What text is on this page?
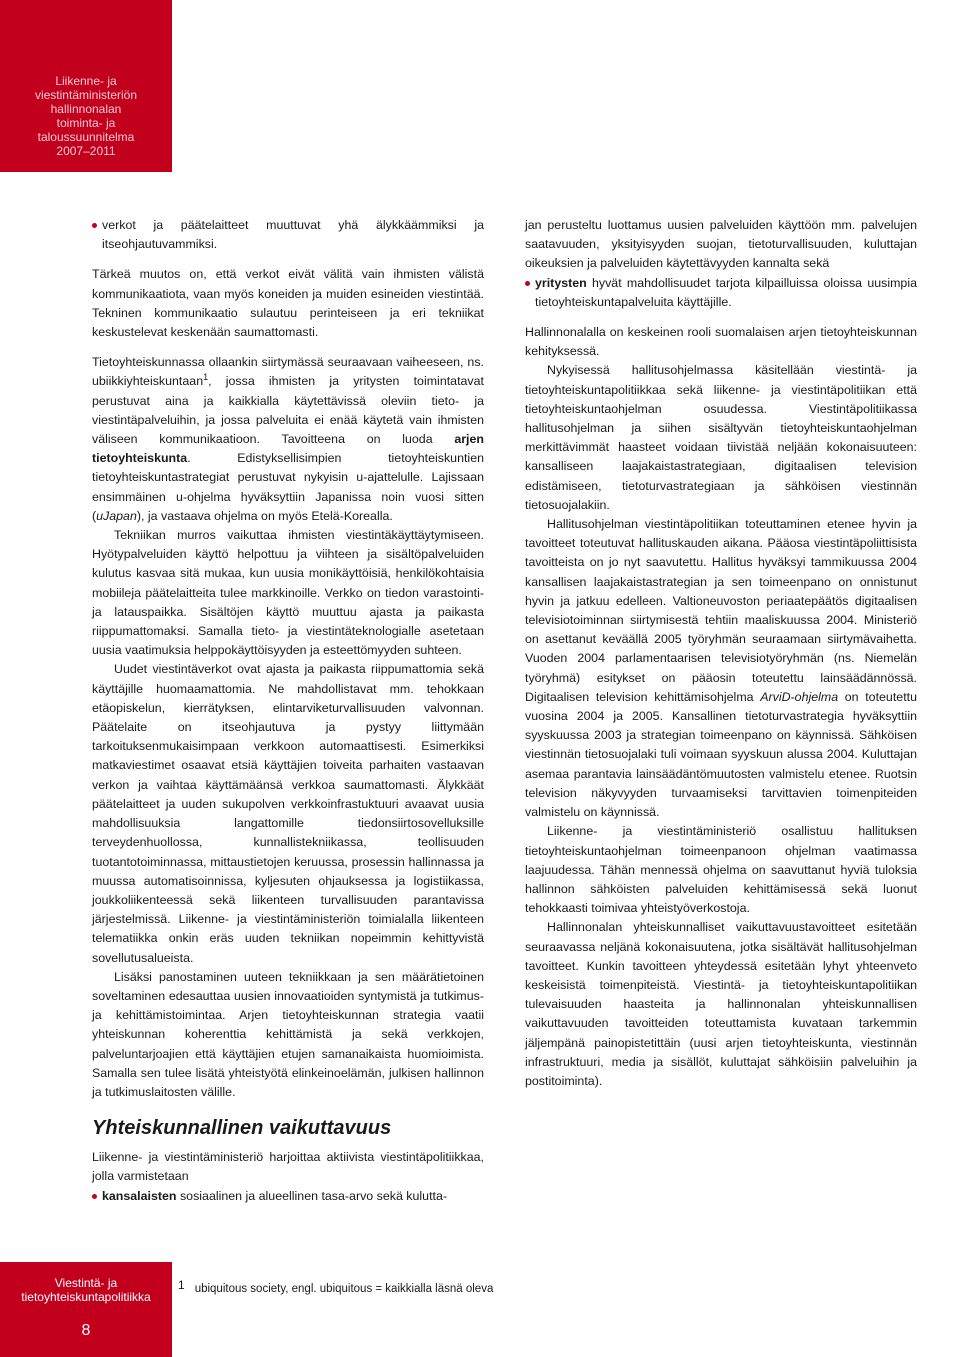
Liikenne- ja
viestintäministeriön
hallinnonalan
toiminta- ja
taloussuunnitelma
2007–2011

verkot ja päätelaitteet muuttuvat yhä älykkäämmiksi ja itseohjautuvammiksi.

Tärkeä muutos on, että verkot eivät välitä vain ihmisten välistä kommunikaatiota, vaan myös koneiden ja muiden esineiden viestintää. Tekninen kommunikaatio sulautuu perinteiseen ja eri tekniikat keskustelevat keskenään saumattomasti.

Tietoyhteiskunnassa ollaankin siirtymässä seuraavaan vaiheeseen, ns. ubiikkiyhteiskuntaan$^1$, jossa ihmisten ja yritysten toimintatavat perustuvat aina ja kaikkialla käytettävissä oleviin tieto- ja viestintäpalveluihin, ja jossa palveluita ei enää käytetä vain ihmisten väliseen kommunikaatioon. Tavoitteena on luoda arjen tietoyhteiskunta. Edistyksellisimpien tietoyhteiskuntien tietoyhteiskuntastrategiat perustuvat nykyisin u-ajattelulle. Lajissaan ensimmäinen u-ohjelma hyväksyttiin Japanissa noin vuosi sitten (uJapan), ja vastaava ohjelma on myös Etelä-Korealla.

Tekniikan murros vaikuttaa ihmisten viestintäkäyttäytymiseen. Hyötypalveluiden käyttö helpottuu ja viihteen ja sisältöpalveluiden kulutus kasvaa sitä mukaa, kun uusia monikäyttöisiä, henkilökohtaisia mobiileja päätelaitteita tulee markkinoille. Verkko on tiedon varastointi- ja latauspaikka. Sisältöjen käyttö muuttuu ajasta ja paikasta riippumattomaksi. Samalla tieto- ja viestintäteknologialle asetetaan uusia vaatimuksia helppokäyttöisyyden ja esteettömyyden suhteen.

Uudet viestintäverkot ovat ajasta ja paikasta riippumattomia sekä käyttäjille huomaamattomia. Ne mahdollistavat mm. tehokkaan etäopiskelun, kierrätyksen, elintarviketurvallisuuden valvonnan. Päätelaite on itseohjautuva ja pystyy liittymään tarkoituksenmukaisimpaan verkkoon automaattisesti. Esimerkiksi matkaviestimet osaavat etsiä käyttäjien toiveita parhaiten vastaavan verkon ja vaihtaa käyttämäänsä verkkoa saumattomasti. Älykkäät päätelaitteet ja uuden sukupolven verkkoinfrastuktuuri avaavat uusia mahdollisuuksia langattomille tiedonsiirtosovelluksille terveydenhuollossa, kunnallistekniikassa, teollisuuden tuotantotoiminnassa, mittaustietojen keruussa, prosessin hallinnassa ja muussa automatisoinnissa, kyljesuten ohjauksessa ja logistiikassa, joukkoliikenteessä sekä liikenteen turvallisuuden parantavissa järjestelmissä. Liikenne- ja viestintäministeriön toimialalla liikenteen telematiikka onkin eräs uuden tekniikan nopeimmin kehittyvistä sovellutusalueista.

Lisäksi panostaminen uuteen tekniikkaan ja sen määrätietoinen soveltaminen edesauttaa uusien innovaatioiden syntymistä ja tutkimus- ja kehittämistoimintaa. Arjen tietoyhteiskunnan strategia vaatii yhteiskunnan koherenttia kehittämistä ja sekä verkkojen, palveluntarjoajien että käyttäjien etujen samanaikaista huomioimista. Samalla sen tulee lisätä yhteistyötä elinkeinoelämän, julkisen hallinnon ja tutkimuslaitosten välille.

Yhteiskunnallinen vaikuttavuus

Liikenne- ja viestintäministeriö harjoittaa aktiivista viestintäpolitiikkaa, jolla varmistetaan

kansalaisten sosiaalinen ja alueellinen tasa-arvo sekä kulutta-

jan perusteltu luottamus uusien palveluiden käyttöön mm. palvelujen saatavuuden, yksityisyyden suojan, tietoturvallisuuden, kuluttajan oikeuksien ja palveluiden käytettävyyden kannalta sekä

yritysten hyvät mahdollisuudet tarjota kilpailluissa oloissa uusimpia tietoyhteiskuntapalveluita käyttäjille.

Hallinnonalalla on keskeinen rooli suomalaisen arjen tietoyhteiskunnan kehityksessä.

Nykyisessä hallitusohjelmassa käsitellään viestintä- ja tietoyhteiskuntapolitiikkaa sekä liikenne- ja viestintäpolitiikan että tietoyhteiskuntaohjelman osuudessa. Viestintäpolitiikassa hallitusohjelman ja siihen sisältyvän tietoyhteiskuntaohjelman merkittävimmät haasteet voidaan tiivistää neljään kokonaisuuteen: kansalliseen laajakaistastrategiaan, digitaalisen television edistämiseen, tietoturvastrategiaan ja sähköisen viestinnän tietosuojalakiin.

Hallitusohjelman viestintäpolitiikan toteuttaminen etenee hyvin ja tavoitteet toteutuvat hallituskauden aikana. Pääosa viestintäpoliittisista tavoitteista on jo nyt saavutettu. Hallitus hyväksyi tammikuussa 2004 kansallisen laajakaistastrategian ja sen toimeenpano on onnistunut hyvin ja jatkuu edelleen. Valtioneuvoston periaatepäätös digitaalisen televisiotoiminnan siirtymisestä tehtiin maaliskuussa 2004. Ministeriö on asettanut keväällä 2005 työryhmän seuraamaan siirtymävaihetta. Vuoden 2004 parlamentaarisen televisiotyöryhmän (ns. Niemelän työryhmä) esitykset on pääosin toteutettu lainsäädännössä. Digitaalisen television kehittämisohjelma ArviD-ohjelma on toteutettu vuosina 2004 ja 2005. Kansallinen tietoturvastrategia hyväksyttiin syyskuussa 2003 ja strategian toimeenpano on käynnissä. Sähköisen viestinnän tietosuojalaki tuli voimaan syyskuun alussa 2004. Kuluttajan asemaa parantavia lainsäädäntömuutosten valmistelu etenee. Ruotsin television näkyvyyden turvaamiseksi tarvittavien toimenpiteiden valmistelu on käynnissä.

Liikenne- ja viestintäministeriö osallistuu hallituksen tietoyhteiskuntaohjelman toimeenpanoon ohjelman vaatimassa laajuudessa. Tähän mennessä ohjelma on saavuttanut hyviä tuloksia hallinnon sähköisten palveluiden kehittämisessä sekä luonut tehokkaasti toimivaa yhteistyöverkostoja.

Hallinnonalan yhteiskunnalliset vaikuttavuustavoitteet esitetään seuraavassa neljänä kokonaisuutena, jotka sisältävät hallitusohjelman tavoitteet. Kunkin tavoitteen yhteydessä esitetään lyhyt yhteenveto keskeisistä toimenpiteistä. Viestintä- ja tietoyhteiskuntapolitiikan tulevaisuuden haasteita ja hallinnonalan yhteiskunnallisen vaikuttavuuden tavoitteiden toteuttamista kuvataan tarkemmin jäljempänä painopistetittäin (uusi arjen tietoyhteiskunta, viestinnän infrastruktuuri, media ja sisällöt, kuluttajat sähköisiin palveluihin ja postitoiminta).

Viestintä- ja
tietoyhteiskuntapolitiikka
8
$^1$ ubiquitous society, engl. ubiquitous = kaikkialla läsnä oleva
